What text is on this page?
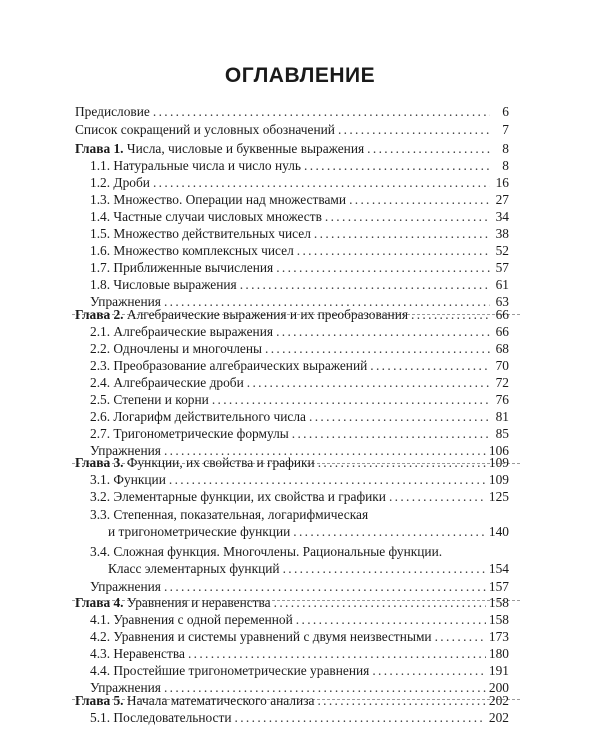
ОГЛАВЛЕНИЕ
Предисловие . . .	6
Список сокращений и условных обозначений . . .	7
Глава 1. Числа, числовые и буквенные выражения . . .	8
1.1. Натуральные числа и число нуль . . .	8
1.2. Дроби . . .	16
1.3. Множество. Операции над множествами . . .	27
1.4. Частные случаи числовых множеств . . .	34
1.5. Множество действительных чисел . . .	38
1.6. Множество комплексных чисел . . .	52
1.7. Приближенные вычисления . . .	57
1.8. Числовые выражения . . .	61
Упражнения . . .	63
Глава 2. Алгебраические выражения и их преобразования . . .	66
2.1. Алгебраические выражения . . .	66
2.2. Одночлены и многочлены . . .	68
2.3. Преобразование алгебраических выражений . . .	70
2.4. Алгебраические дроби . . .	72
2.5. Степени и корни . . .	76
2.6. Логарифм действительного числа . . .	81
2.7. Тригонометрические формулы . . .	85
Упражнения . . .	106
Глава 3. Функции, их свойства и графики . . .	109
3.1. Функции . . .	109
3.2. Элементарные функции, их свойства и графики . . .	125
3.3. Степенная, показательная, логарифмическая
и тригонометрические функции . . .	140
3.4. Сложная функция. Многочлены. Рациональные функции.
Класс элементарных функций . . .	154
Упражнения . . .	157
Глава 4. Уравнения и неравенства . . .	158
4.1. Уравнения с одной переменной . . .	158
4.2. Уравнения и системы уравнений с двумя неизвестными . . .	173
4.3. Неравенства . . .	180
4.4. Простейшие тригонометрические уравнения . . .	191
Упражнения . . .	200
Глава 5. Начала математического анализа . . .	202
5.1. Последовательности . . .	202
